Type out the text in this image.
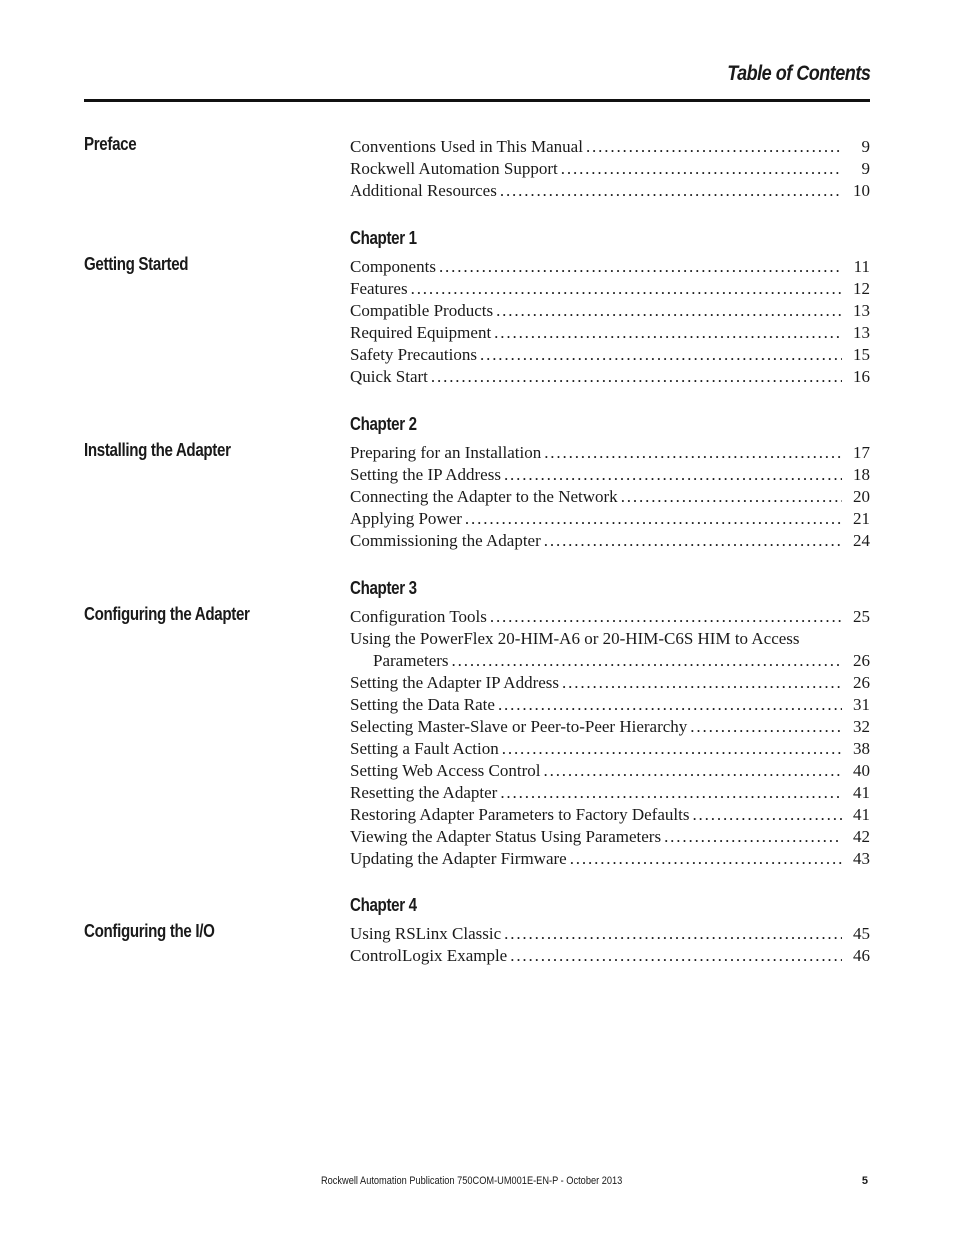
Table of Contents
Preface	Conventions Used in This Manual . . .	9
Rockwell Automation Support . . .	9
Additional Resources . . .	10
Chapter 1
Getting Started	Components . . .	11
Features . . .	12
Compatible Products . . .	13
Required Equipment . . .	13
Safety Precautions . . .	15
Quick Start . . .	16
Chapter 2
Installing the Adapter	Preparing for an Installation . . .	17
Setting the IP Address . . .	18
Connecting the Adapter to the Network . . .	20
Applying Power . . .	21
Commissioning the Adapter . . .	24
Chapter 3
Configuring the Adapter	Configuration Tools . . .	25
Using the PowerFlex 20-HIM-A6 or 20-HIM-C6S HIM to Access
Parameters . . .	26
Setting the Adapter IP Address . . .	26
Setting the Data Rate . . .	31
Selecting Master-Slave or Peer-to-Peer Hierarchy . . .	32
Setting a Fault Action . . .	38
Setting Web Access Control . . .	40
Resetting the Adapter . . .	41
Restoring Adapter Parameters to Factory Defaults . . .	41
Viewing the Adapter Status Using Parameters . . .	42
Updating the Adapter Firmware . . .	43
Chapter 4
Configuring the I/O	Using RSLinx Classic . . .	45
ControlLogix Example . . .	46
Rockwell Automation Publication 750COM-UM001E-EN-P - October 2013	5
